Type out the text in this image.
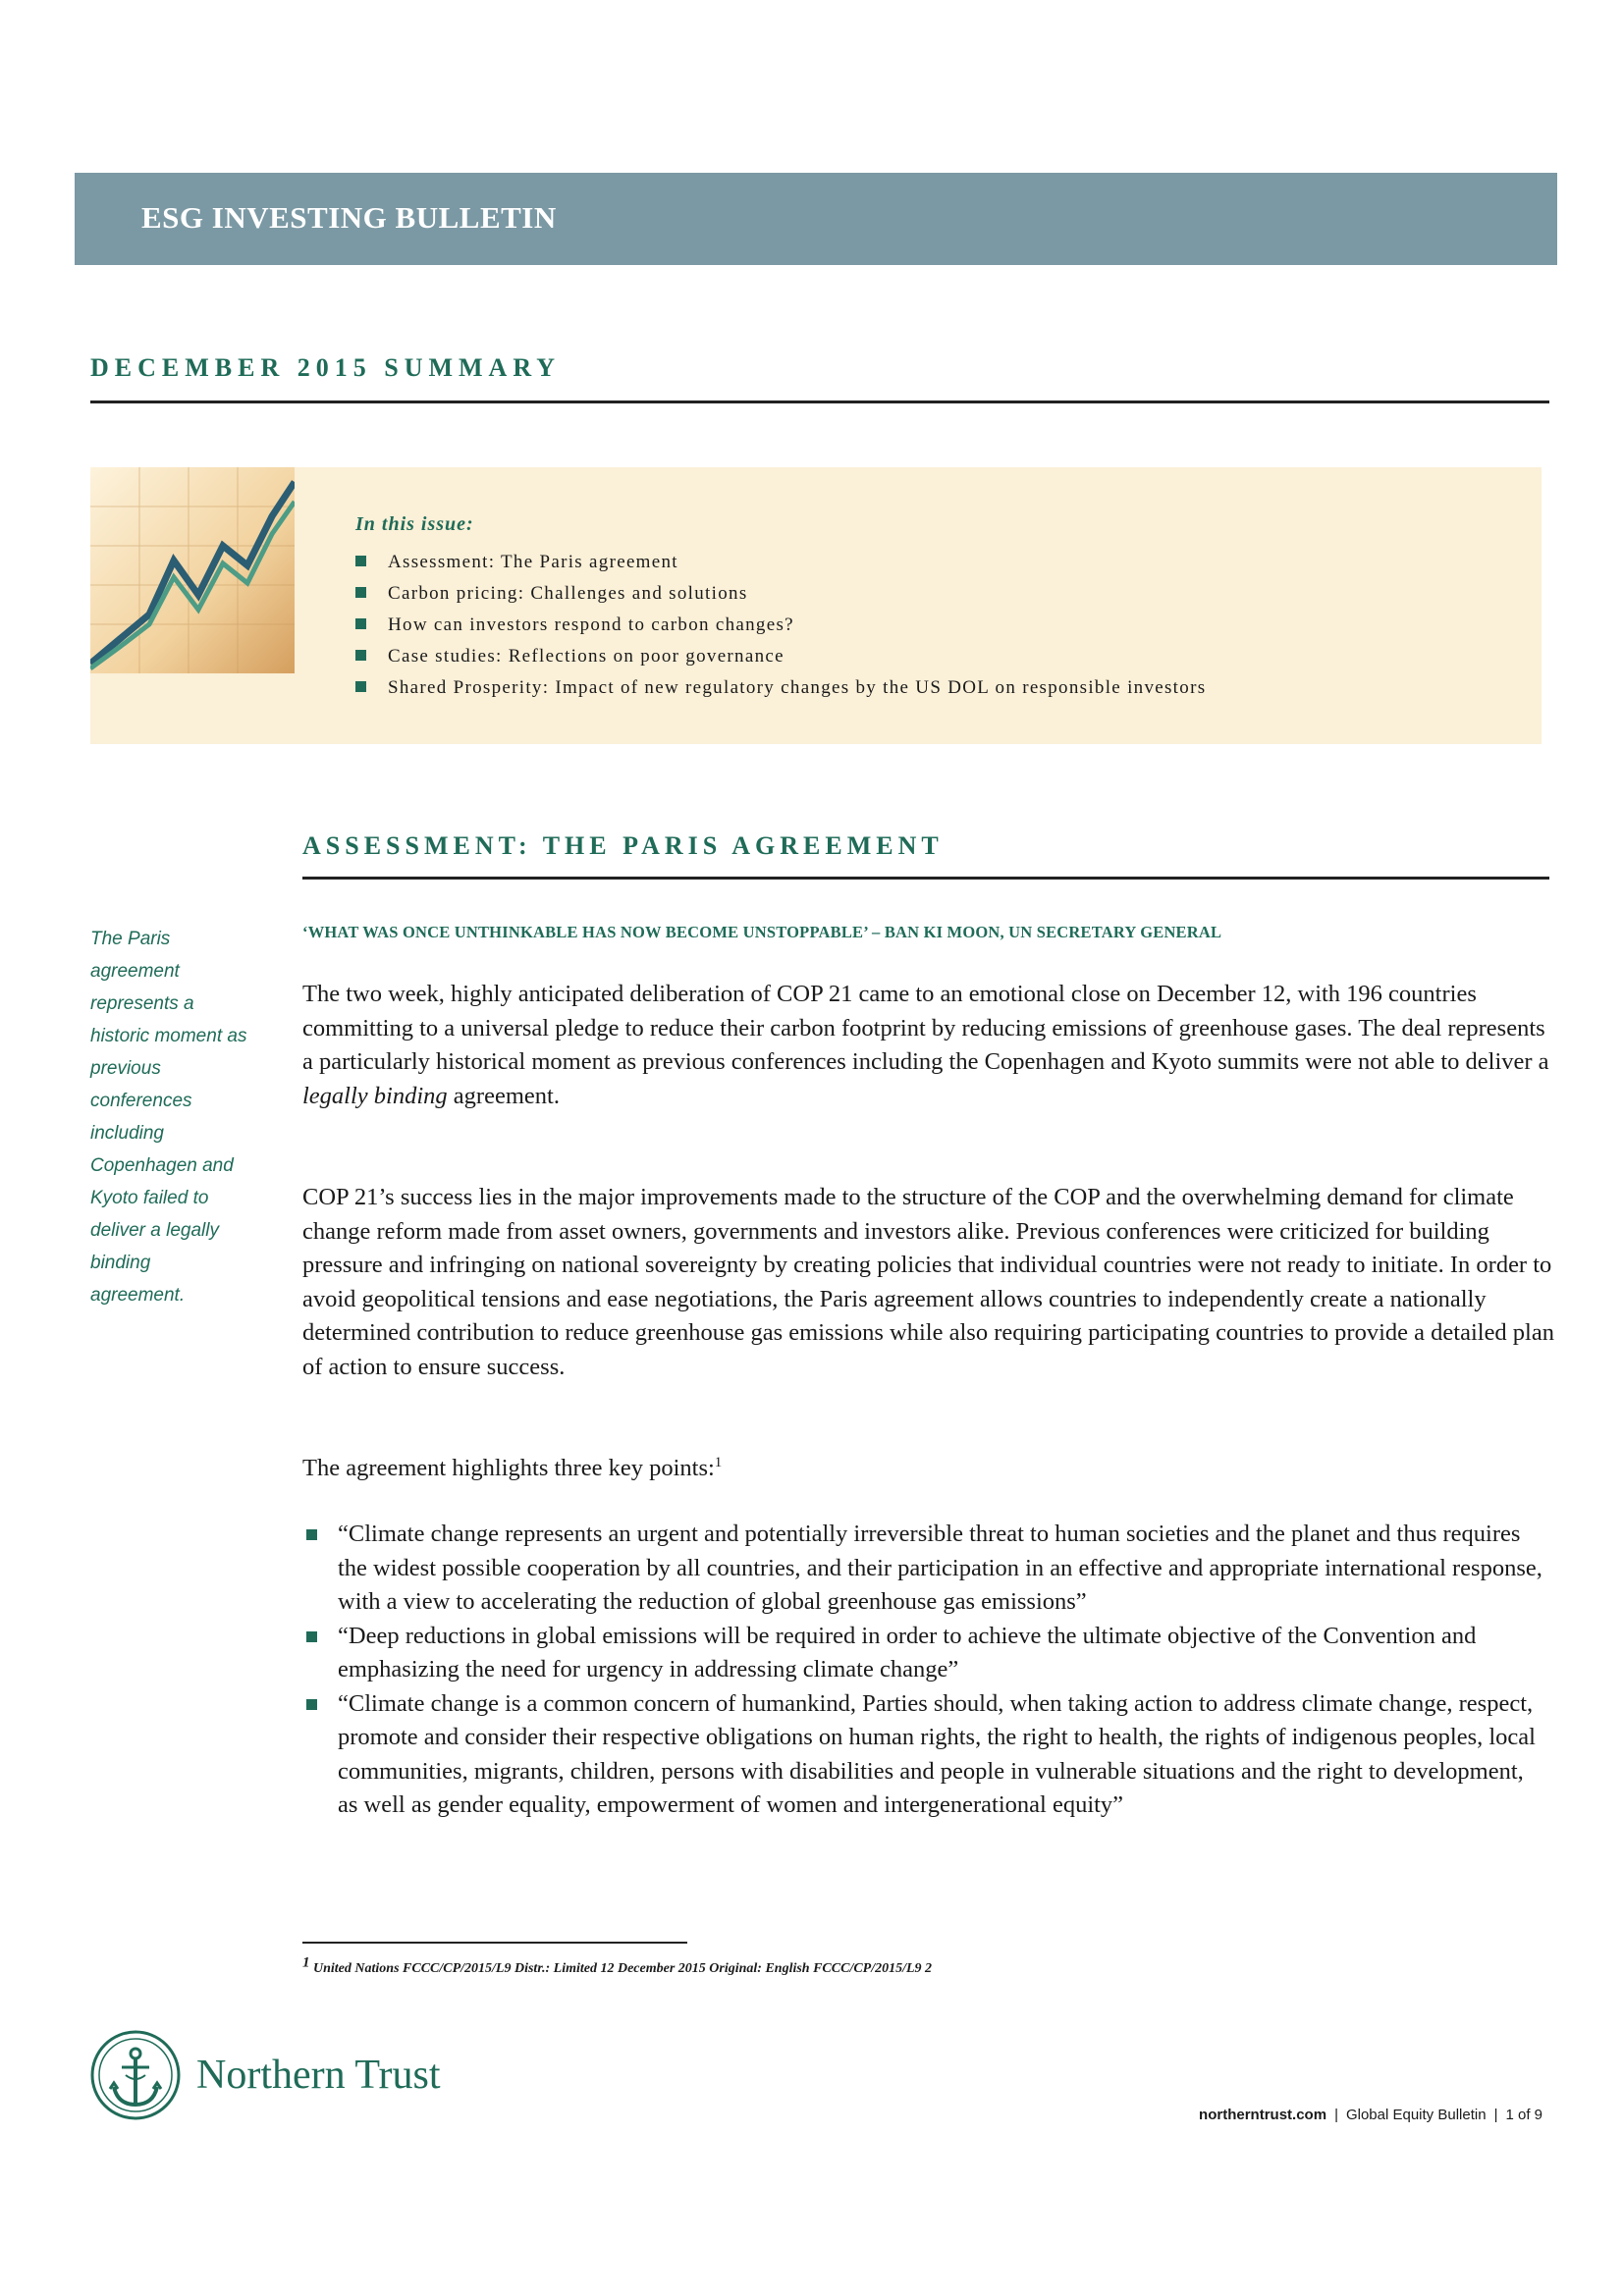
ESG INVESTING BULLETIN
DECEMBER 2015 SUMMARY
In this issue:
Assessment: The Paris agreement
Carbon pricing: Challenges and solutions
How can investors respond to carbon changes?
Case studies: Reflections on poor governance
Shared Prosperity: Impact of new regulatory changes by the US DOL on responsible investors
ASSESSMENT: THE PARIS AGREEMENT
The Paris agreement represents a historic moment as previous conferences including Copenhagen and Kyoto failed to deliver a legally binding agreement.
‘WHAT WAS ONCE UNTHINKABLE HAS NOW BECOME UNSTOPPABLE’ – BAN KI MOON, UN SECRETARY GENERAL

The two week, highly anticipated deliberation of COP 21 came to an emotional close on December 12, with 196 countries committing to a universal pledge to reduce their carbon footprint by reducing emissions of greenhouse gases. The deal represents a particularly historical moment as previous conferences including the Copenhagen and Kyoto summits were not able to deliver a legally binding agreement.

COP 21’s success lies in the major improvements made to the structure of the COP and the overwhelming demand for climate change reform made from asset owners, governments and investors alike. Previous conferences were criticized for building pressure and infringing on national sovereignty by creating policies that individual countries were not ready to initiate. In order to avoid geopolitical tensions and ease negotiations, the Paris agreement allows countries to independently create a nationally determined contribution to reduce greenhouse gas emissions while also requiring participating countries to provide a detailed plan of action to ensure success.

The agreement highlights three key points:$^1$

“Climate change represents an urgent and potentially irreversible threat to human societies and the planet and thus requires the widest possible cooperation by all countries, and their participation in an effective and appropriate international response, with a view to accelerating the reduction of global greenhouse gas emissions”
“Deep reductions in global emissions will be required in order to achieve the ultimate objective of the Convention and emphasizing the need for urgency in addressing climate change”
“Climate change is a common concern of humankind, Parties should, when taking action to address climate change, respect, promote and consider their respective obligations on human rights, the right to health, the rights of indigenous peoples, local communities, migrants, children, persons with disabilities and people in vulnerable situations and the right to development, as well as gender equality, empowerment of women and intergenerational equity”
$^1$ United Nations FCCC/CP/2015/L9 Distr.: Limited 12 December 2015 Original: English FCCC/CP/2015/L9 2
Northern Trust
northerntrust.com | Global Equity Bulletin | 1 of 9
